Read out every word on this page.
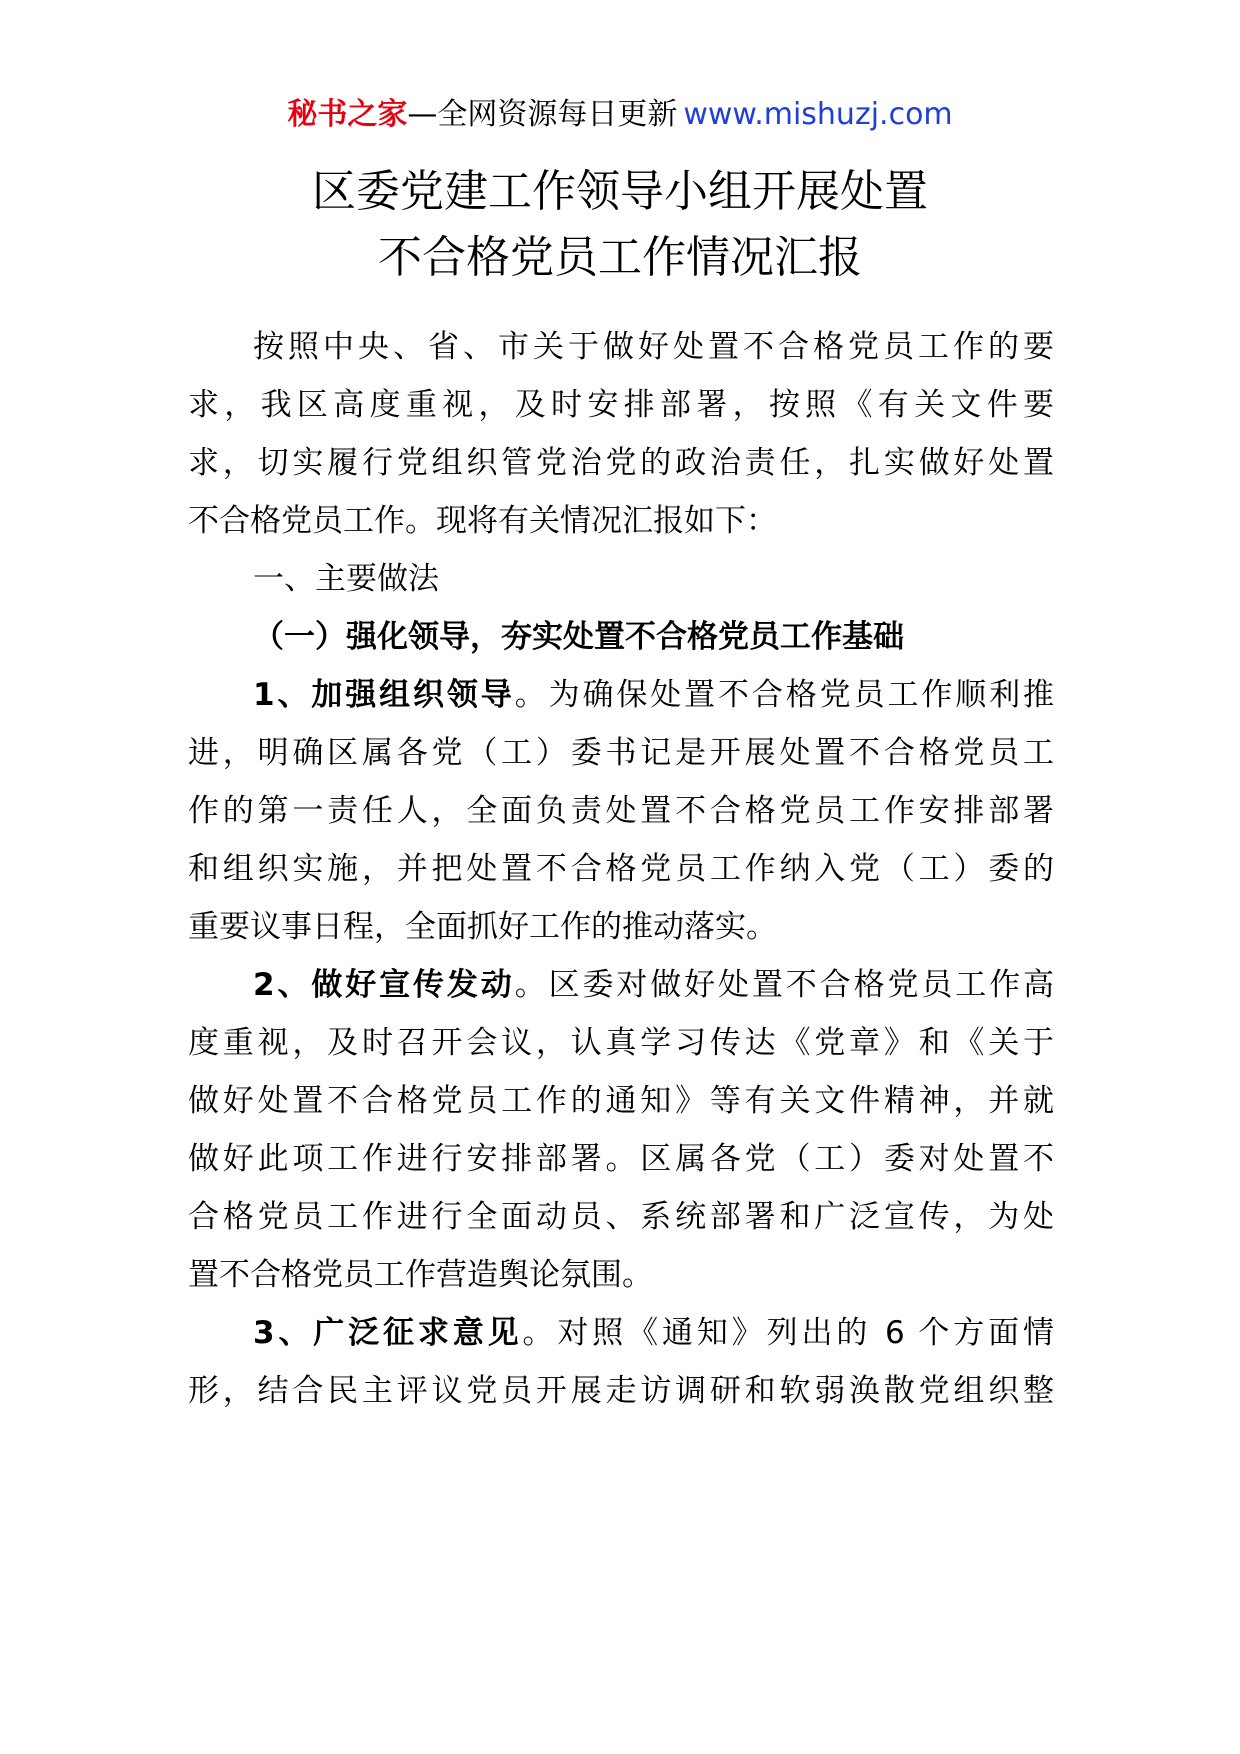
秘书之家—全网资源每日更新 www.mishuzj.com
区委党建工作领导小组开展处置
不合格党员工作情况汇报
按照中央、省、市关于做好处置不合格党员工作的要
求，我区高度重视，及时安排部署，按照《有关文件要
求，切实履行党组织管党治党的政治责任，扎实做好处置
不合格党员工作。现将有关情况汇报如下：
一、主要做法
（一）强化领导，夯实处置不合格党员工作基础
1、加强组织领导。为确保处置不合格党员工作顺利推
进，明确区属各党（工）委书记是开展处置不合格党员工
作的第一责任人，全面负责处置不合格党员工作安排部署
和组织实施，并把处置不合格党员工作纳入党（工）委的
重要议事日程，全面抓好工作的推动落实。
2、做好宣传发动。区委对做好处置不合格党员工作高
度重视，及时召开会议，认真学习传达《党章》和《关于
做好处置不合格党员工作的通知》等有关文件精神，并就
做好此项工作进行安排部署。区属各党（工）委对处置不
合格党员工作进行全面动员、系统部署和广泛宣传，为处
置不合格党员工作营造舆论氛围。
3、广泛征求意见。对照《通知》列出的 6 个方面情
形，结合民主评议党员开展走访调研和软弱涣散党组织整
